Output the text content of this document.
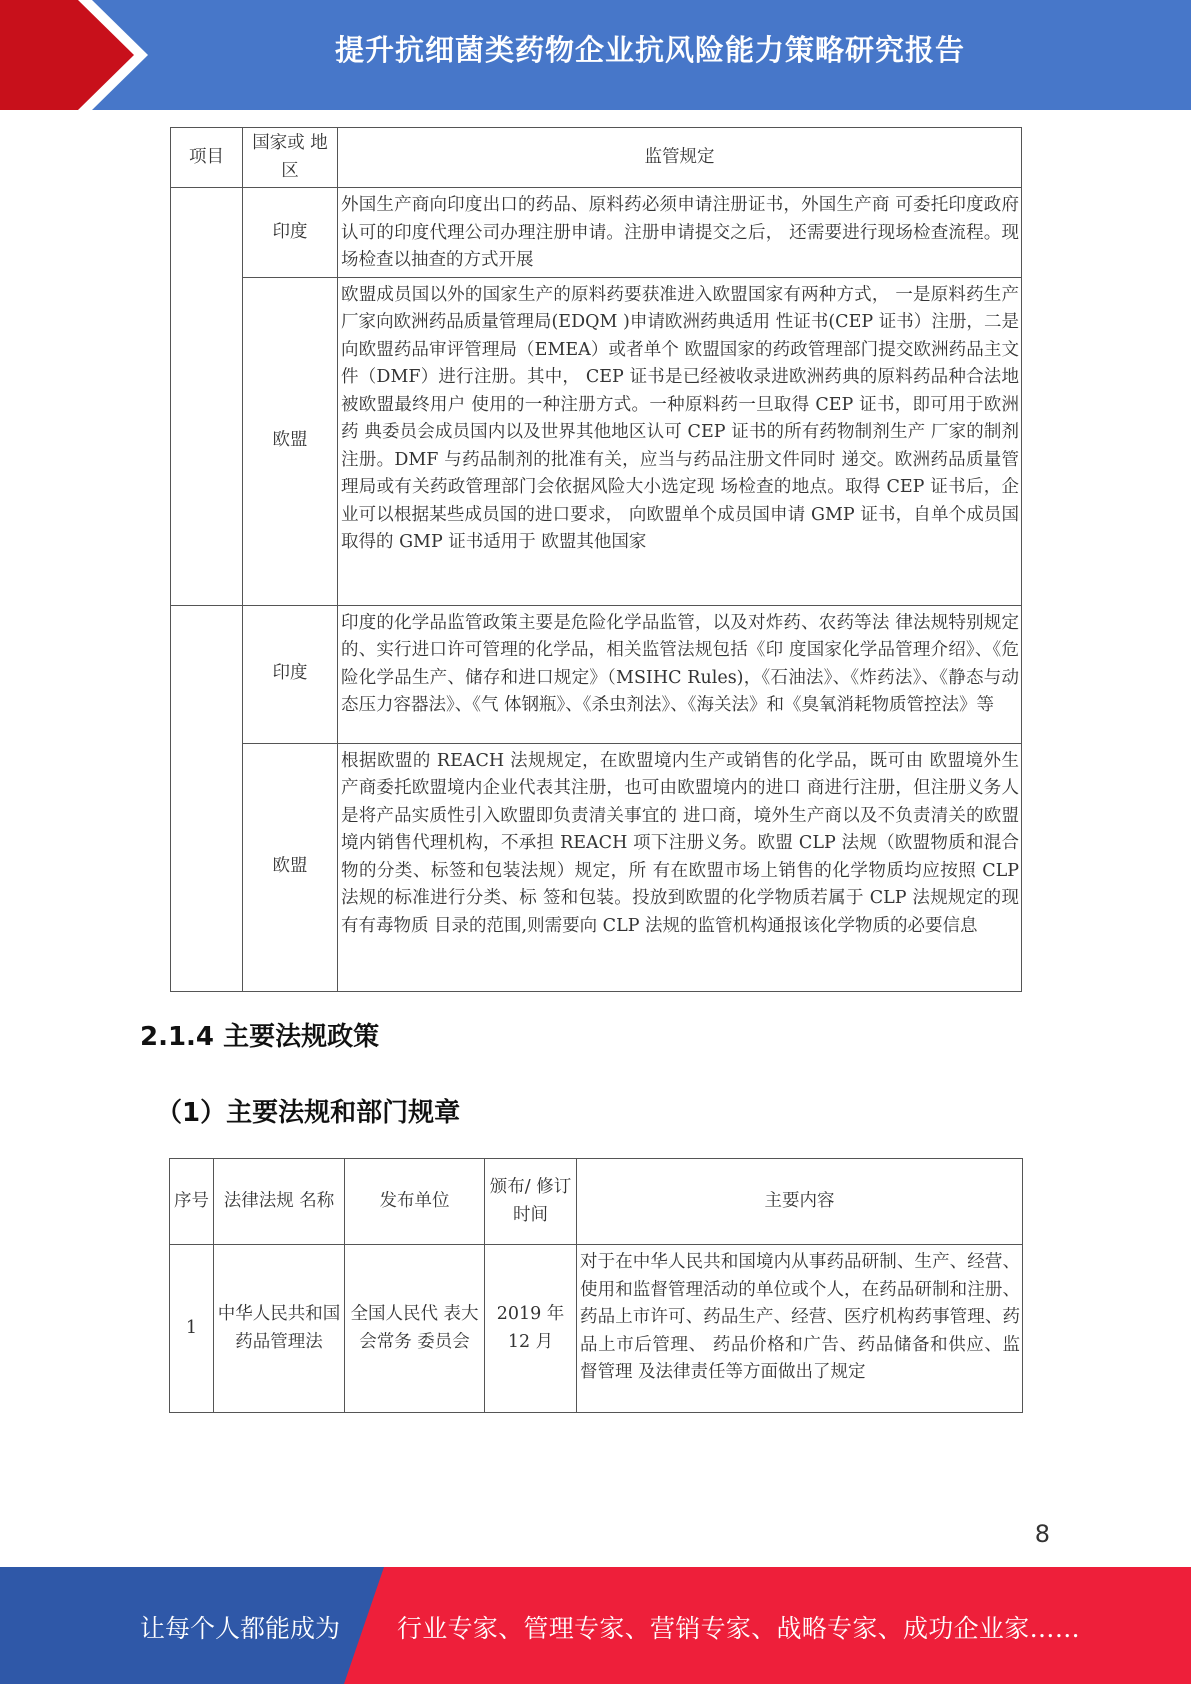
提升抗细菌类药物企业抗风险能力策略研究报告
项目	国家或 地区	监管规定
	印度	外国生产商向印度出口的药品、原料药必须申请注册证书，外国生产商 可委托印度政府认可的印度代理公司办理注册申请。注册申请提交之后， 还需要进行现场检查流程。现场检查以抽查的方式开展
	欧盟	欧盟成员国以外的国家生产的原料药要获准进入欧盟国家有两种方式， 一是原料药生产厂家向欧洲药品质量管理局(EDQM )申请欧洲药典适用 性证书(CEP 证书）注册，二是向欧盟药品审评管理局（EMEA）或者单个 欧盟国家的药政管理部门提交欧洲药品主文件（DMF）进行注册。其中， CEP 证书是已经被收录进欧洲药典的原料药品种合法地被欧盟最终用户 使用的一种注册方式。一种原料药一旦取得 CEP 证书，即可用于欧洲药 典委员会成员国内以及世界其他地区认可 CEP 证书的所有药物制剂生产 厂家的制剂注册。DMF 与药品制剂的批准有关，应当与药品注册文件同时 递交。欧洲药品质量管理局或有关药政管理部门会依据风险大小选定现 场检查的地点。取得 CEP 证书后，企业可以根据某些成员国的进口要求， 向欧盟单个成员国申请 GMP 证书，自单个成员国取得的 GMP 证书适用于 欧盟其他国家
	印度	印度的化学品监管政策主要是危险化学品监管，以及对炸药、农药等法 律法规特别规定的、实行进口许可管理的化学品，相关监管法规包括《印 度国家化学品管理介绍》、《危险化学品生产、储存和进口规定》（MSIHC Rules)，《石油法》、《炸药法》、《静态与动态压力容器法》、《气 体钢瓶》、《杀虫剂法》、《海关法》和《臭氧消耗物质管控法》等
	欧盟	根据欧盟的 REACH 法规规定，在欧盟境内生产或销售的化学品，既可由 欧盟境外生产商委托欧盟境内企业代表其注册，也可由欧盟境内的进口 商进行注册，但注册义务人是将产品实质性引入欧盟即负责清关事宜的 进口商，境外生产商以及不负责清关的欧盟境内销售代理机构，不承担 REACH 项下注册义务。欧盟 CLP 法规（欧盟物质和混合物的分类、标签和包装法规）规定，所 有在欧盟市场上销售的化学物质均应按照 CLP 法规的标准进行分类、标 签和包装。投放到欧盟的化学物质若属于 CLP 法规规定的现有有毒物质 目录的范围,则需要向 CLP 法规的监管机构通报该化学物质的必要信息
2.1.4 主要法规政策
（1）主要法规和部门规章
序号	法律法规 名称	发布单位	颁布/ 修订 时间	主要内容
1	中华人民共和国药品管理法	全国人民代 表大会常务 委员会	2019 年 12 月	对于在中华人民共和国境内从事药品研制、生产、经营、使用和监督管理活动的单位或个人，在药品研制和注册、药品上市许可、药品生产、经营、医疗机构药事管理、药品上市后管理、 药品价格和广告、药品储备和供应、监督管理 及法律责任等方面做出了规定
8
让每个人都能成为 行业专家、管理专家、营销专家、战略专家、成功企业家……
